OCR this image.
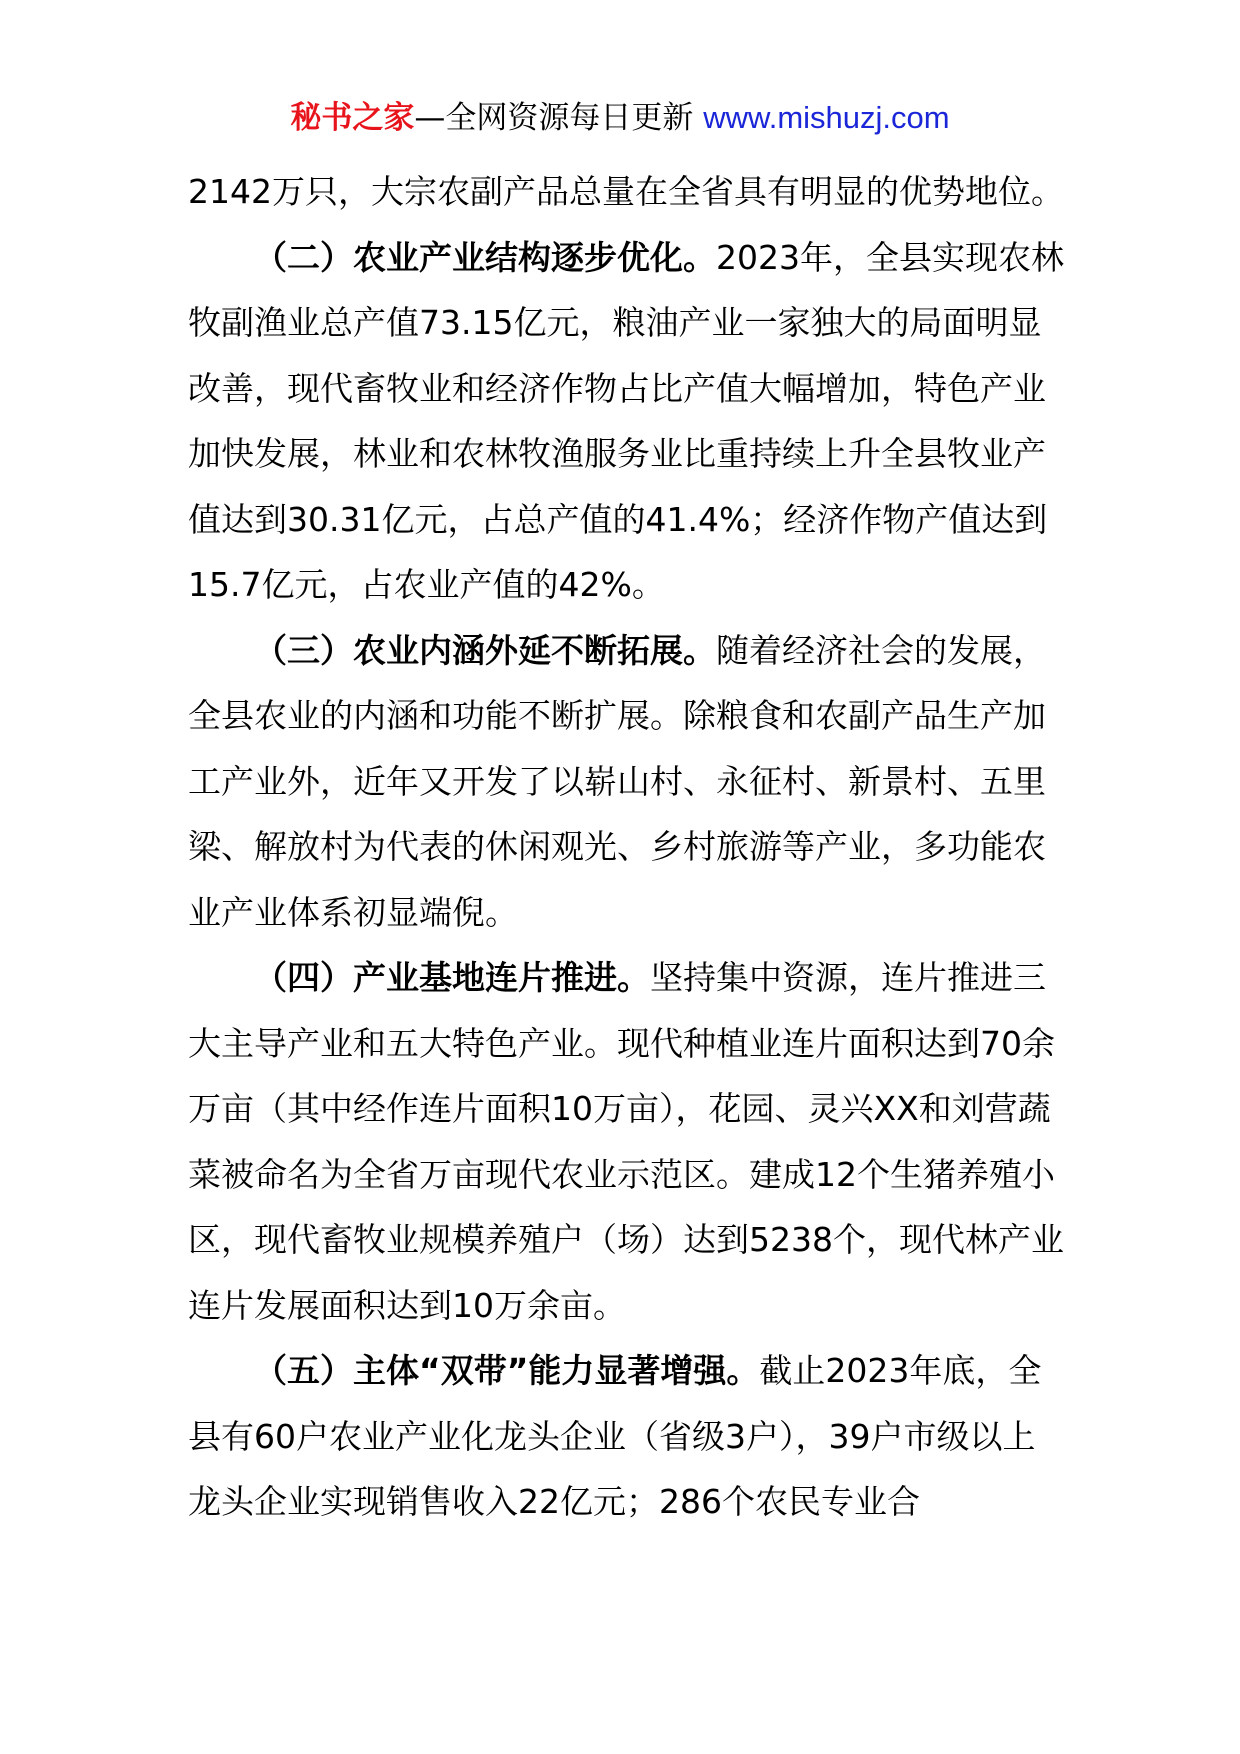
秘书之家—全网资源每日更新 www.mishuzj.com

2142万只，大宗农副产品总量在全省具有明显的优势地位。

（二）农业产业结构逐步优化。2023年，全县实现农林牧副渔业总产值73.15亿元，粮油产业一家独大的局面明显改善，现代畜牧业和经济作物占比产值大幅增加，特色产业加快发展，林业和农林牧渔服务业比重持续上升全县牧业产值达到30.31亿元，占总产值的41.4%；经济作物产值达到15.7亿元，占农业产值的42%。

（三）农业内涵外延不断拓展。随着经济社会的发展，全县农业的内涵和功能不断扩展。除粮食和农副产品生产加工产业外，近年又开发了以崭山村、永征村、新景村、五里梁、解放村为代表的休闲观光、乡村旅游等产业，多功能农业产业体系初显端倪。

（四）产业基地连片推进。坚持集中资源，连片推进三大主导产业和五大特色产业。现代种植业连片面积达到70余万亩（其中经作连片面积10万亩），花园、灵兴XX和刘营蔬菜被命名为全省万亩现代农业示范区。建成12个生猪养殖小区，现代畜牧业规模养殖户（场）达到5238个，现代林产业连片发展面积达到10万余亩。

（五）主体“双带”能力显著增强。截止2023年底，全县有60户农业产业化龙头企业（省级3户），39户市级以上龙头企业实现销售收入22亿元；286个农民专业合
